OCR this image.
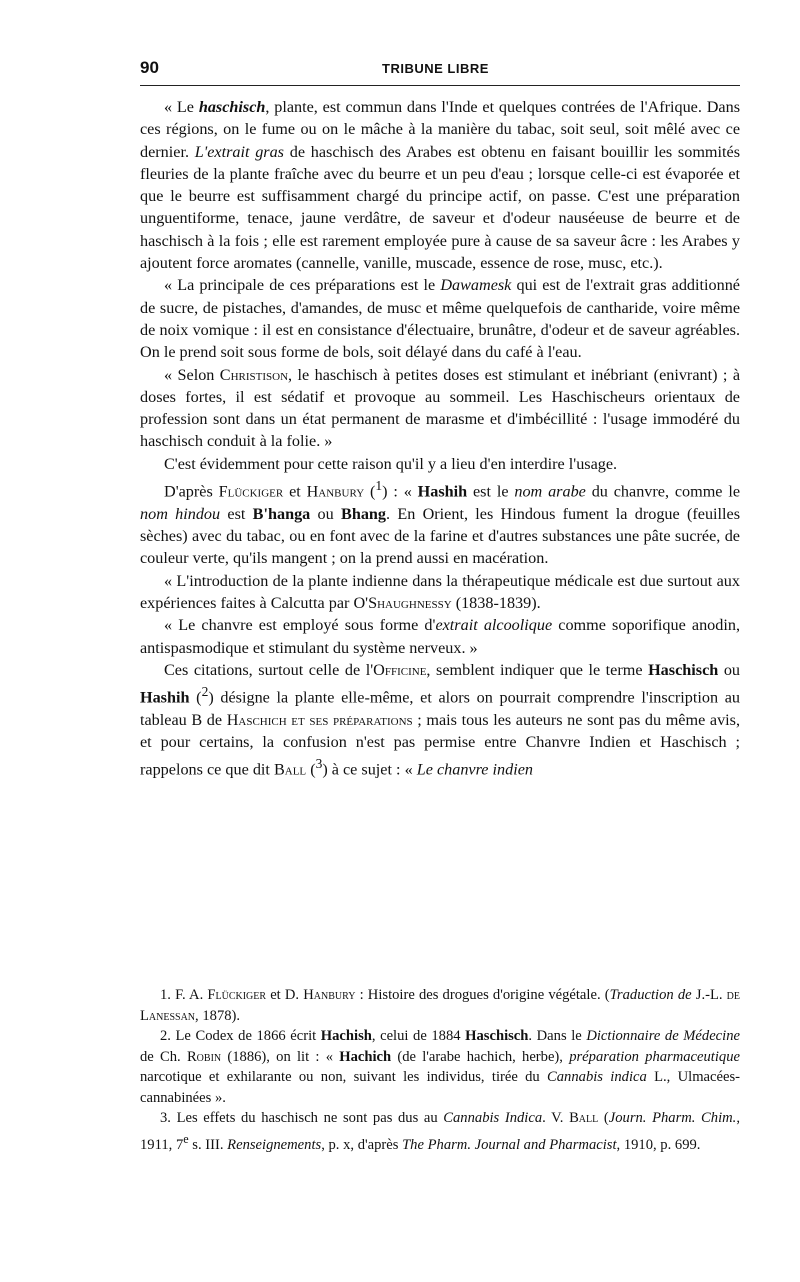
90	TRIBUNE LIBRE

« Le haschisch, plante, est commun dans l'Inde et quelques contrées de l'Afrique. Dans ces régions, on le fume ou on le mâche à la manière du tabac, soit seul, soit mêlé avec ce dernier. L'extrait gras de haschisch des Arabes est obtenu en faisant bouillir les sommités fleuries de la plante fraîche avec du beurre et un peu d'eau ; lorsque celle-ci est évaporée et que le beurre est suffisamment chargé du principe actif, on passe. C'est une préparation unguentiforme, tenace, jaune verdâtre, de saveur et d'odeur nauséeuse de beurre et de haschisch à la fois ; elle est rarement employée pure à cause de sa saveur âcre : les Arabes y ajoutent force aromates (cannelle, vanille, muscade, essence de rose, musc, etc.).

« La principale de ces préparations est le Dawamesk qui est de l'extrait gras additionné de sucre, de pistaches, d'amandes, de musc et même quelquefois de cantharide, voire même de noix vomique : il est en consistance d'électuaire, brunâtre, d'odeur et de saveur agréables. On le prend soit sous forme de bols, soit délayé dans du café à l'eau.

« Selon Christison, le haschisch à petites doses est stimulant et inébriant (enivrant) ; à doses fortes, il est sédatif et provoque au sommeil. Les Haschischeurs orientaux de profession sont dans un état permanent de marasme et d'imbécillité : l'usage immodéré du haschisch conduit à la folie. »

C'est évidemment pour cette raison qu'il y a lieu d'en interdire l'usage.

D'après Flückiger et Hanbury ($^1$) : « Hashih est le nom arabe du chanvre, comme le nom hindou est B'hanga ou Bhang. En Orient, les Hindous fument la drogue (feuilles sèches) avec du tabac, ou en font avec de la farine et d'autres substances une pâte sucrée, de couleur verte, qu'ils mangent ; on la prend aussi en macération.

« L'introduction de la plante indienne dans la thérapeutique médicale est due surtout aux expériences faites à Calcutta par O'Shaughnessy (1838-1839).

« Le chanvre est employé sous forme d'extrait alcoolique comme soporifique anodin, antispasmodique et stimulant du système nerveux. »

Ces citations, surtout celle de l'Officine, semblent indiquer que le terme Haschisch ou Hashih ($^2$) désigne la plante elle-même, et alors on pourrait comprendre l'inscription au tableau B de Haschich et ses préparations ; mais tous les auteurs ne sont pas du même avis, et pour certains, la confusion n'est pas permise entre Chanvre Indien et Haschisch ; rappelons ce que dit Ball ($^3$) à ce sujet : « Le chanvre indien

1. F. A. Flückiger et D. Hanbury : Histoire des drogues d'origine végétale. (Traduction de J.-L. de Lanessan, 1878).

2. Le Codex de 1866 écrit Hachish, celui de 1884 Haschisch. Dans le Dictionnaire de Médecine de Ch. Robin (1886), on lit : « Hachich (de l'arabe hachich, herbe), préparation pharmaceutique narcotique et exhilarante ou non, suivant les individus, tirée du Cannabis indica L., Ulmacées-cannabinées ».

3. Les effets du haschisch ne sont pas dus au Cannabis Indica. V. Ball (Journ. Pharm. Chim., 1911, 7e s. III. Renseignements, p. x, d'après The Pharm. Journal and Pharmacist, 1910, p. 699.
